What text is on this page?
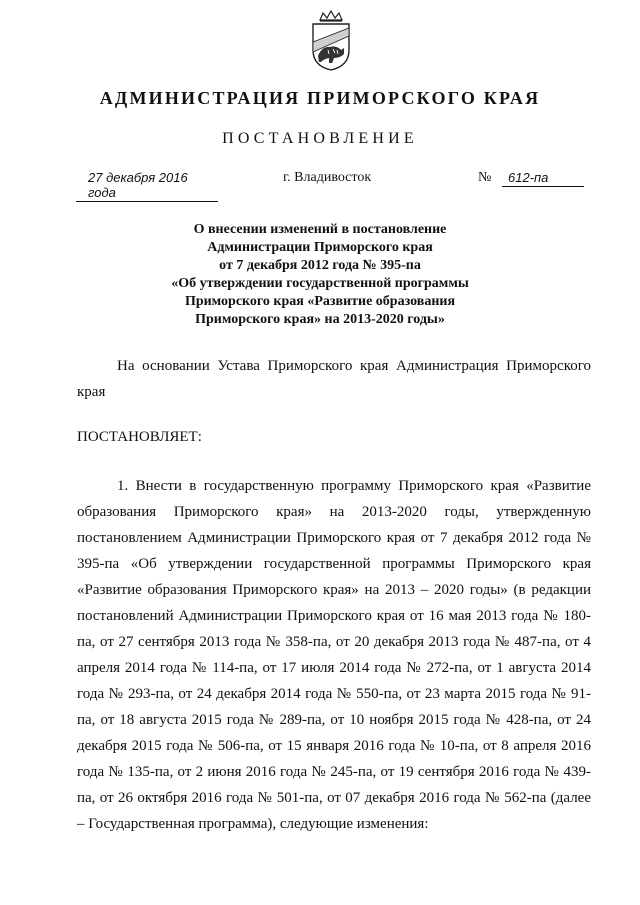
АДМИНИСТРАЦИЯ ПРИМОРСКОГО КРАЯ
ПОСТАНОВЛЕНИЕ
27 декабря 2016 года
г. Владивосток	№	612-па
О внесении изменений в постановление
Администрации Приморского края
от 7 декабря 2012 года № 395-па
«Об утверждении государственной программы
Приморского края «Развитие образования
Приморского края» на 2013-2020 годы»
На основании Устава Приморского края Администрация Приморского края
ПОСТАНОВЛЯЕТ:
1. Внести в государственную программу Приморского края «Развитие образования Приморского края» на 2013-2020 годы, утвержденную постановлением Администрации Приморского края от 7 декабря 2012 года № 395-па «Об утверждении государственной программы Приморского края «Развитие образования Приморского края» на 2013 – 2020 годы» (в редакции постановлений Администрации Приморского края от 16 мая 2013 года № 180-па, от 27 сентября 2013 года № 358-па, от 20 декабря 2013 года № 487-па, от 4 апреля 2014 года № 114-па, от 17 июля 2014 года № 272-па, от 1 августа 2014 года № 293-па, от 24 декабря 2014 года № 550-па, от 23 марта 2015 года № 91-па, от 18 августа 2015 года № 289-па, от 10 ноября 2015 года № 428-па, от 24 декабря 2015 года № 506-па, от 15 января 2016 года № 10-па, от 8 апреля 2016 года № 135-па, от 2 июня 2016 года № 245-па, от 19 сентября 2016 года № 439-па, от 26 октября 2016 года № 501-па, от 07 декабря 2016 года № 562-па (далее – Государственная программа), следующие изменения:
